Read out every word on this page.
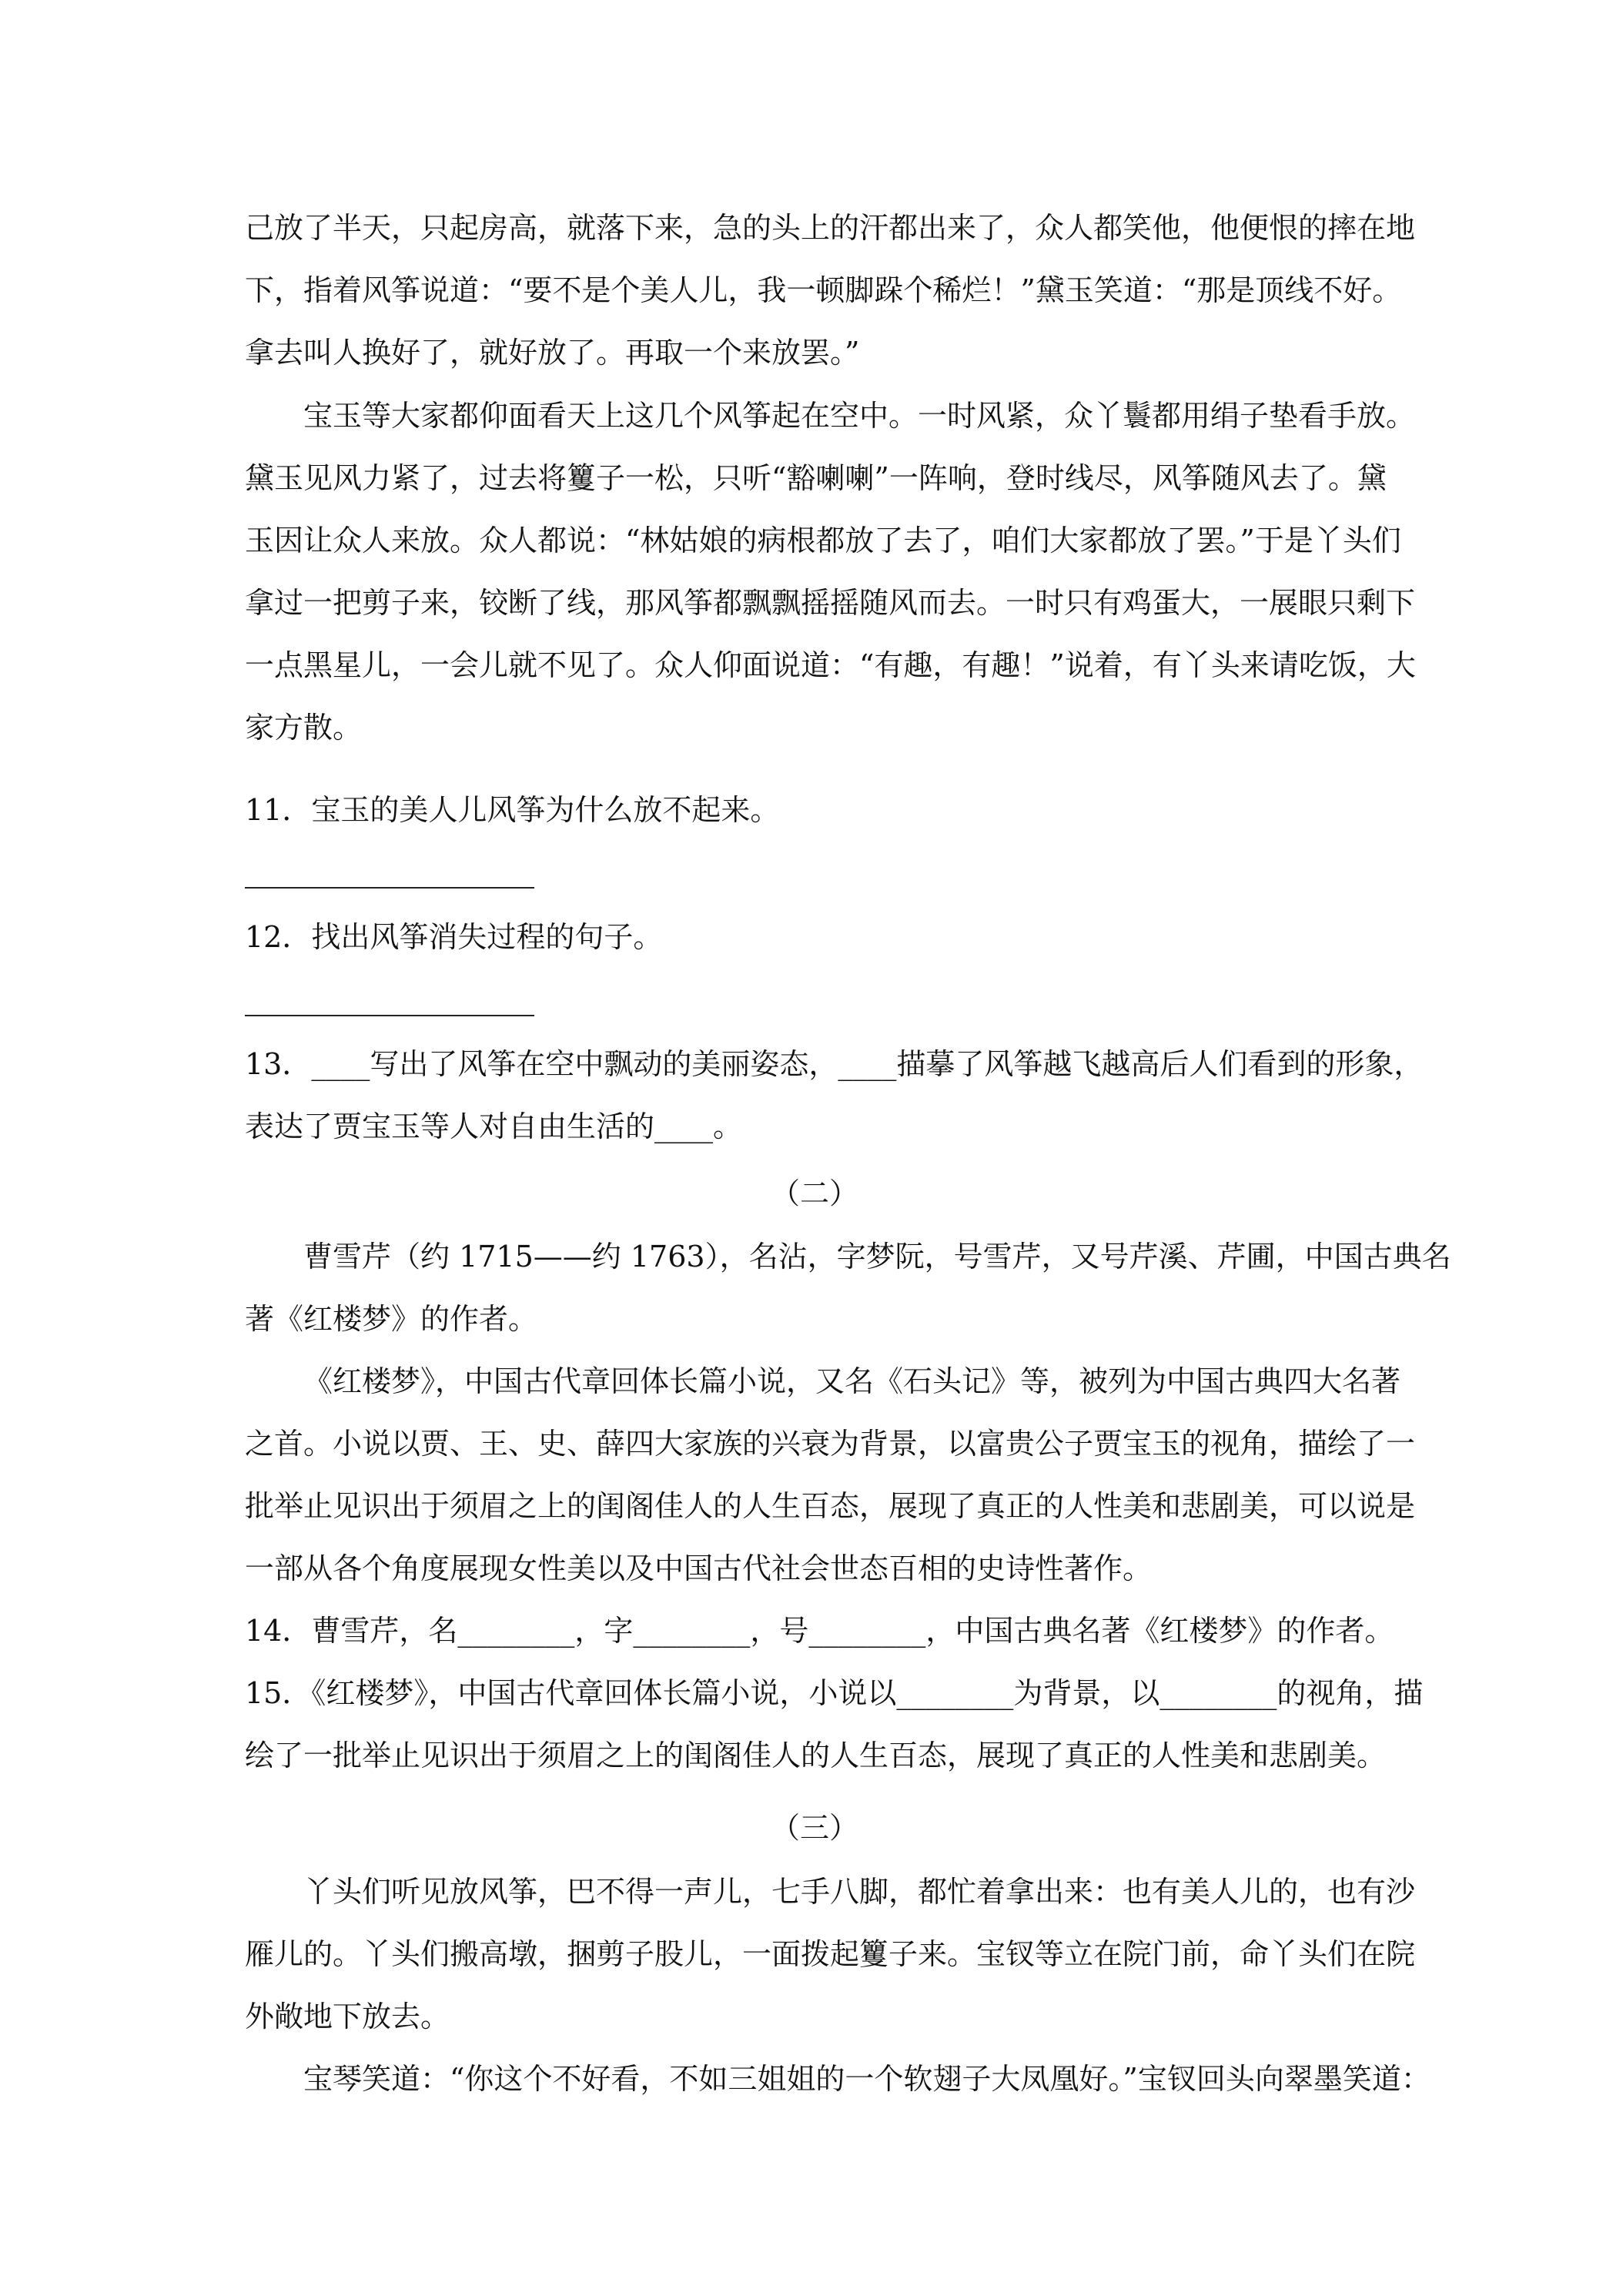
己放了半天，只起房高，就落下来，急的头上的汗都出来了，众人都笑他，他便恨的摔在地
下，指着风筝说道：“要不是个美人儿，我一顿脚跺个稀烂！”黛玉笑道：“那是顶线不好。
拿去叫人换好了，就好放了。再取一个来放罢。”
宝玉等大家都仰面看天上这几个风筝起在空中。一时风紧，众丫鬟都用绢子垫看手放。
黛玉见风力紧了，过去将籰子一松，只听“豁喇喇”一阵响，登时线尽，风筝随风去了。黛
玉因让众人来放。众人都说：“林姑娘的病根都放了去了，咱们大家都放了罢。”于是丫头们
拿过一把剪子来，铰断了线，那风筝都飘飘摇摇随风而去。一时只有鸡蛋大，一展眼只剩下
一点黑星儿，一会儿就不见了。众人仰面说道：“有趣，有趣！”说着，有丫头来请吃饭，大
家方散。
11．宝玉的美人儿风筝为什么放不起来。
12．找出风筝消失过程的句子。
13．____写出了风筝在空中飘动的美丽姿态，____描摹了风筝越飞越高后人们看到的形象，
表达了贾宝玉等人对自由生活的____。
（二）
曹雪芹（约 1715——约 1763），名沾，字梦阮，号雪芹，又号芹溪、芹圃，中国古典名
著《红楼梦》的作者。
《红楼梦》，中国古代章回体长篇小说，又名《石头记》等，被列为中国古典四大名著
之首。小说以贾、王、史、薛四大家族的兴衰为背景，以富贵公子贾宝玉的视角，描绘了一
批举止见识出于须眉之上的闺阁佳人的人生百态，展现了真正的人性美和悲剧美，可以说是
一部从各个角度展现女性美以及中国古代社会世态百相的史诗性著作。
14．曹雪芹，名________，字________，号________，中国古典名著《红楼梦》的作者。
15．《红楼梦》，中国古代章回体长篇小说，小说以________为背景，以________的视角，描
绘了一批举止见识出于须眉之上的闺阁佳人的人生百态，展现了真正的人性美和悲剧美。
（三）
丫头们听见放风筝，巴不得一声儿，七手八脚，都忙着拿出来：也有美人儿的，也有沙
雁儿的。丫头们搬高墩，捆剪子股儿，一面拨起籰子来。宝钗等立在院门前，命丫头们在院
外敞地下放去。
宝琴笑道：“你这个不好看，不如三姐姐的一个软翅子大凤凰好。”宝钗回头向翠墨笑道：
